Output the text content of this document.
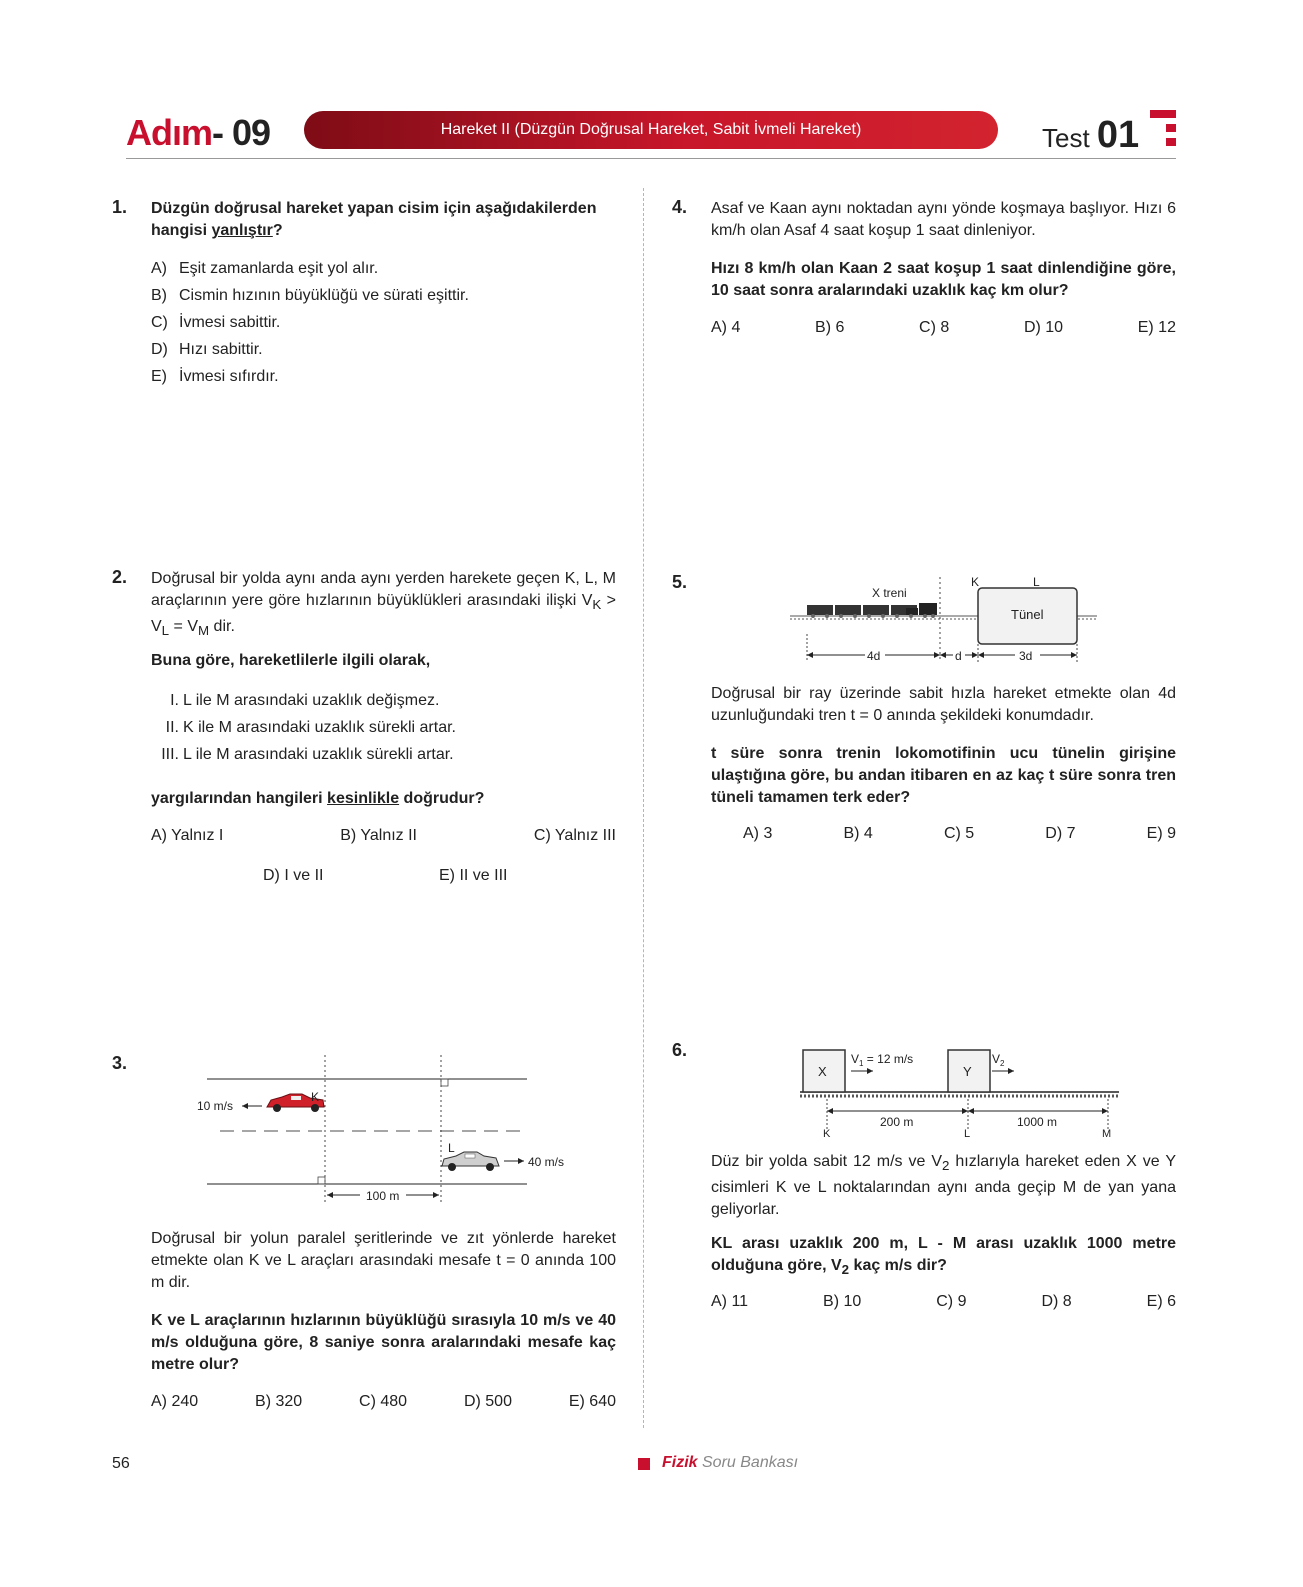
Adım- 09	Hareket II (Düzgün Doğrusal Hareket, Sabit İvmeli Hareket)	Test 01
1. Düzgün doğrusal hareket yapan cisim için aşağıdakilerden hangisi yanlıştır?
A) Eşit zamanlarda eşit yol alır.
B) Cismin hızının büyüklüğü ve sürati eşittir.
C) İvmesi sabittir.
D) Hızı sabittir.
E) İvmesi sıfırdır.
2. Doğrusal bir yolda aynı anda aynı yerden harekete geçen K, L, M araçlarının yere göre hızlarının büyüklükleri arasındaki ilişki $V_K > V_L = V_M$ dir.
Buna göre, hareketlilerle ilgili olarak,
I. L ile M arasındaki uzaklık değişmez.
II. K ile M arasındaki uzaklık sürekli artar.
III. L ile M arasındaki uzaklık sürekli artar.
yargılarından hangileri kesinlikle doğrudur?
A) Yalnız I	B) Yalnız II	C) Yalnız III
D) I ve II	E) II ve III
3.
10 m/s
K
L
40 m/s
100 m
Doğrusal bir yolun paralel şeritlerinde ve zıt yönlerde hareket etmekte olan K ve L araçları arasındaki mesafe t = 0 anında 100 m dir.
K ve L araçlarının hızlarının büyüklüğü sırasıyla 10 m/s ve 40 m/s olduğuna göre, 8 saniye sonra aralarındaki mesafe kaç metre olur?
A) 240	B) 320	C) 480	D) 500	E) 640
4. Asaf ve Kaan aynı noktadan aynı yönde koşmaya başlıyor. Hızı 6 km/h olan Asaf 4 saat koşup 1 saat dinleniyor.
Hızı 8 km/h olan Kaan 2 saat koşup 1 saat dinlendiğine göre, 10 saat sonra aralarındaki uzaklık kaç km olur?
A) 4	B) 6	C) 8	D) 10	E) 12
5.
X treni
Tünel
K	L
4d	d	3d
Doğrusal bir ray üzerinde sabit hızla hareket etmekte olan 4d uzunluğundaki tren t = 0 anında şekildeki konumdadır.
t süre sonra trenin lokomotifinin ucu tünelin girişine ulaştığına göre, bu andan itibaren en az kaç t süre sonra tren tüneli tamamen terk eder?
A) 3	B) 4	C) 5	D) 7	E) 9
6.
X	Y
$V_1 = 12$ m/s	$V_2$
200 m	1000 m
K	L	M
Düz bir yolda sabit 12 m/s ve $V_2$ hızlarıyla hareket eden X ve Y cisimleri K ve L noktalarından aynı anda geçip M de yan yana geliyorlar.
KL arası uzaklık 200 m, L - M arası uzaklık 1000 metre olduğuna göre, $V_2$ kaç m/s dir?
A) 11	B) 10	C) 9	D) 8	E) 6
56	Fizik Soru Bankası
